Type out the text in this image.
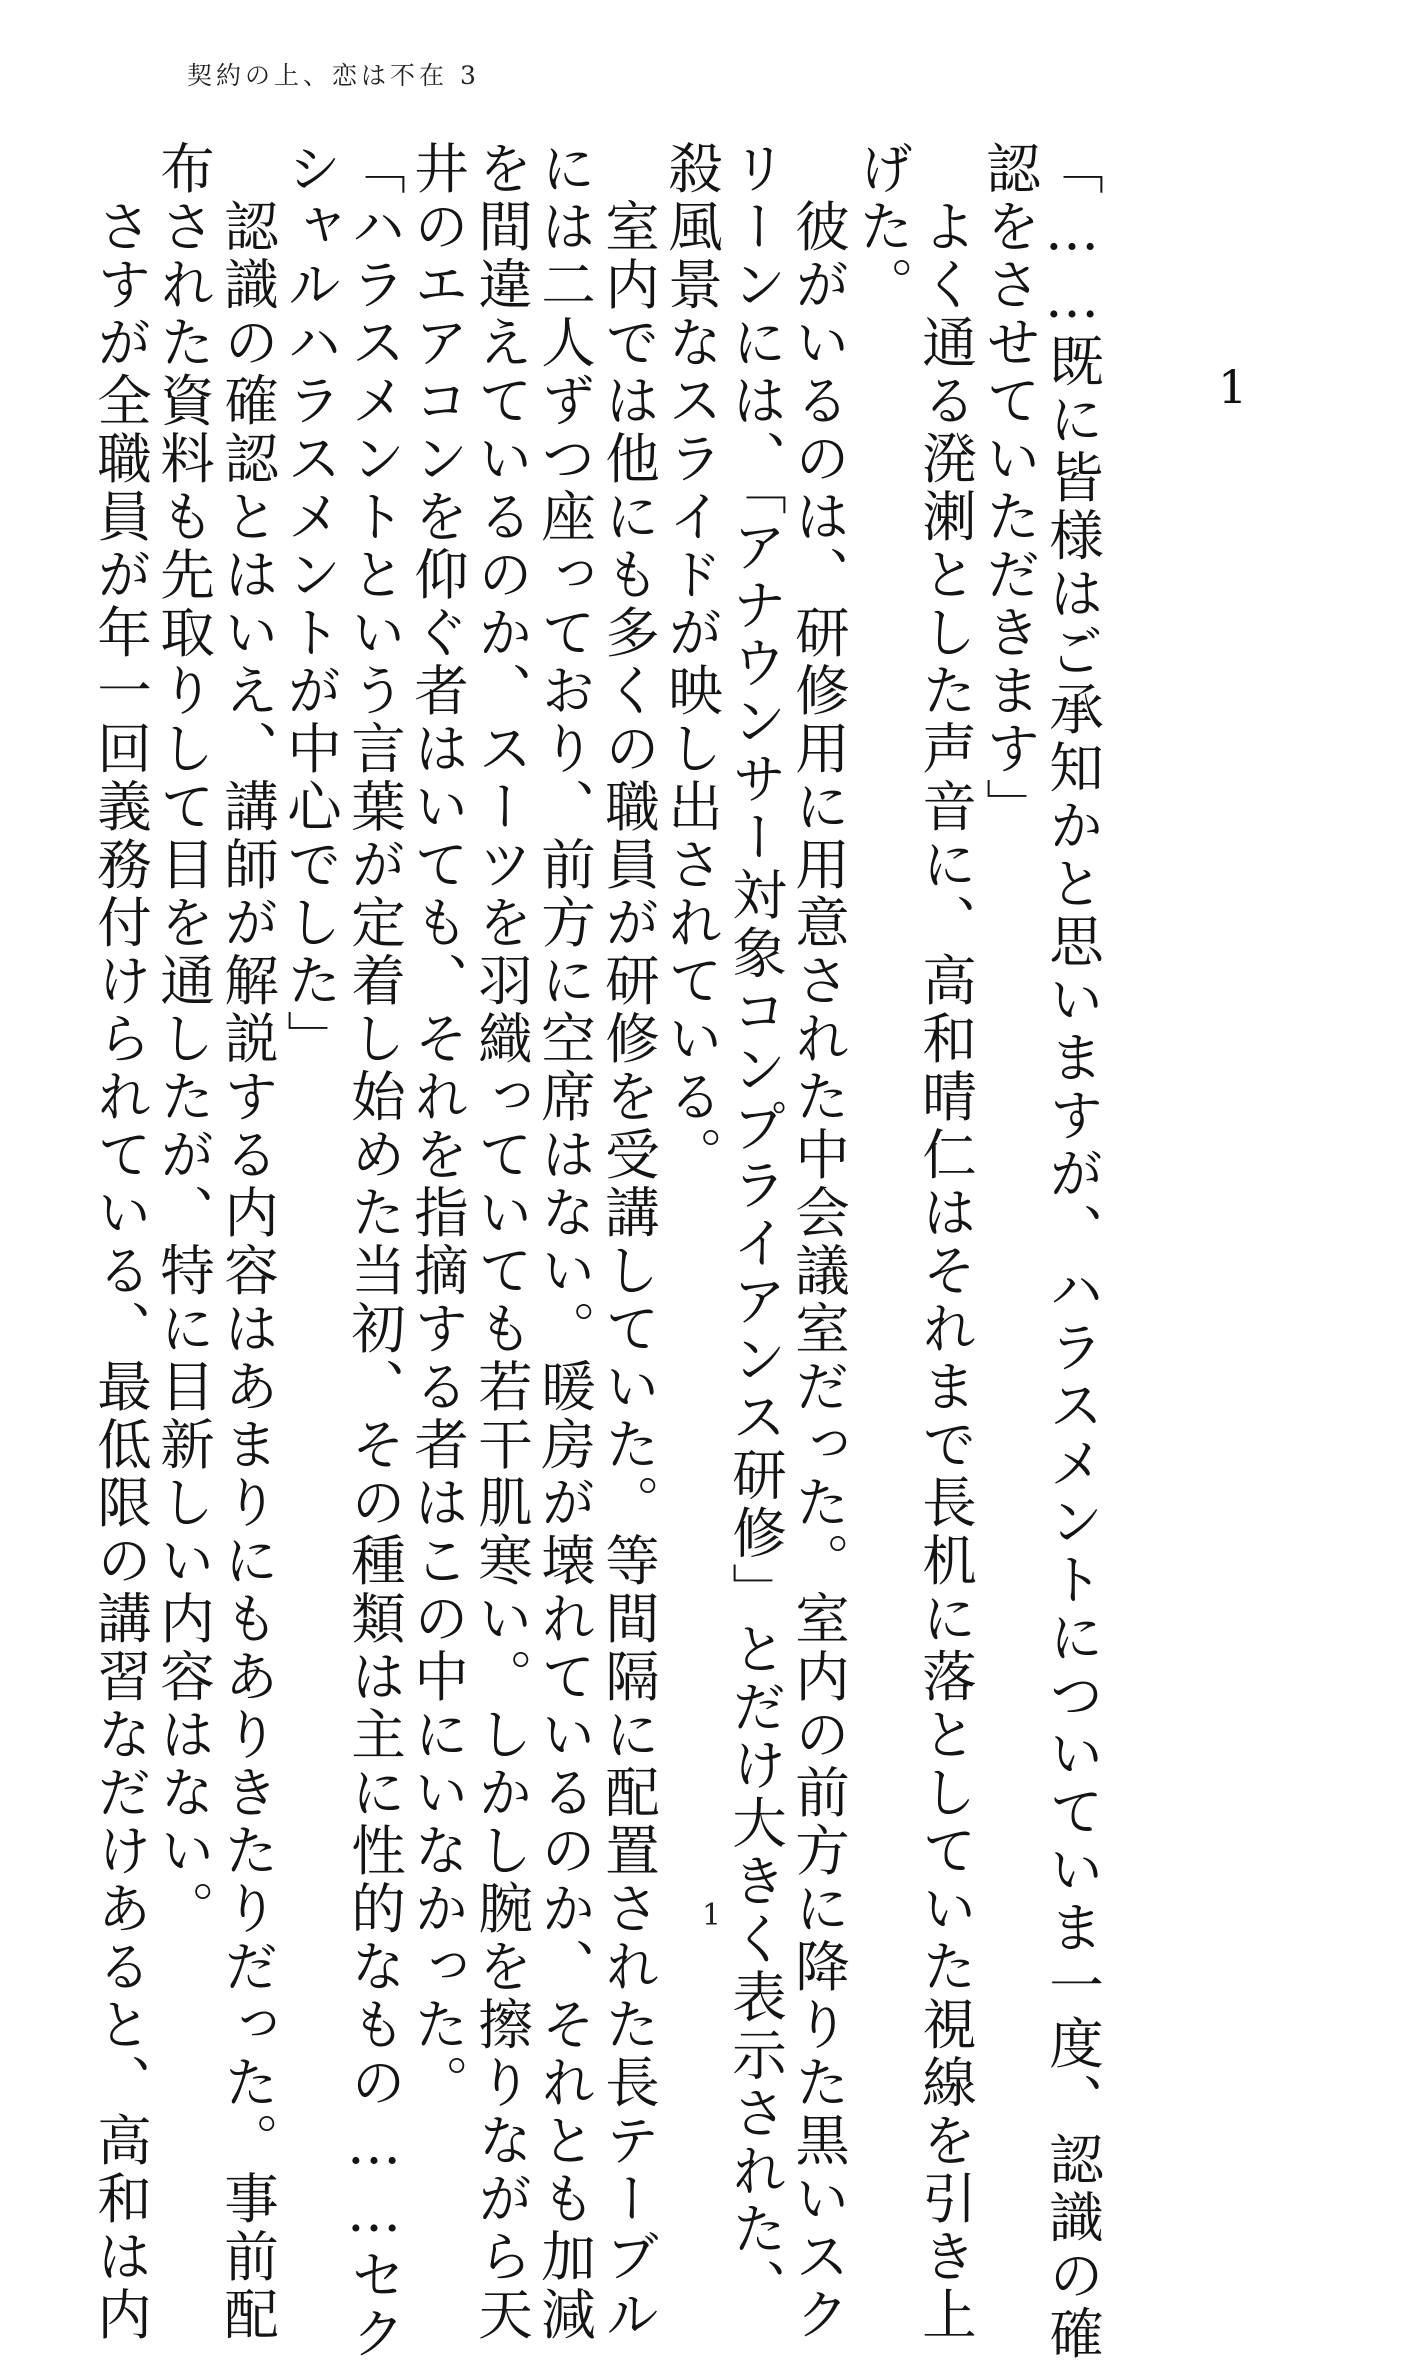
契約の上、恋は不在 3
1
「……既に皆様はご承知かと思いますが、ハラスメントについていま一度、認識の確
認をさせていただきます」
　よく通る溌溂とした声音に、高和晴仁はそれまで長机に落としていた視線を引き上
げた。
　彼がいるのは、研修用に用意された中会議室だった。室内の前方に降りた黒いスク
リーンには、「アナウンサー対象コンプライアンス研修」とだけ大きく表示された、
殺風景なスライドが映し出されている。
　室内では他にも多くの職員が研修を受講していた。等間隔に配置された長テーブル
には二人ずつ座っており、前方に空席はない。暖房が壊れているのか、それとも加減
を間違えているのか、スーツを羽織っていても若干肌寒い。しかし腕を擦りながら天
井のエアコンを仰ぐ者はいても、それを指摘する者はこの中にいなかった。
「ハラスメントという言葉が定着し始めた当初、その種類は主に性的なもの……セク
シャルハラスメントが中心でした」
　認識の確認とはいえ、講師が解説する内容はあまりにもありきたりだった。事前配
布された資料も先取りして目を通したが、特に目新しい内容はない。
　さすが全職員が年一回義務付けられている、最低限の講習なだけあると、高和は内	1
